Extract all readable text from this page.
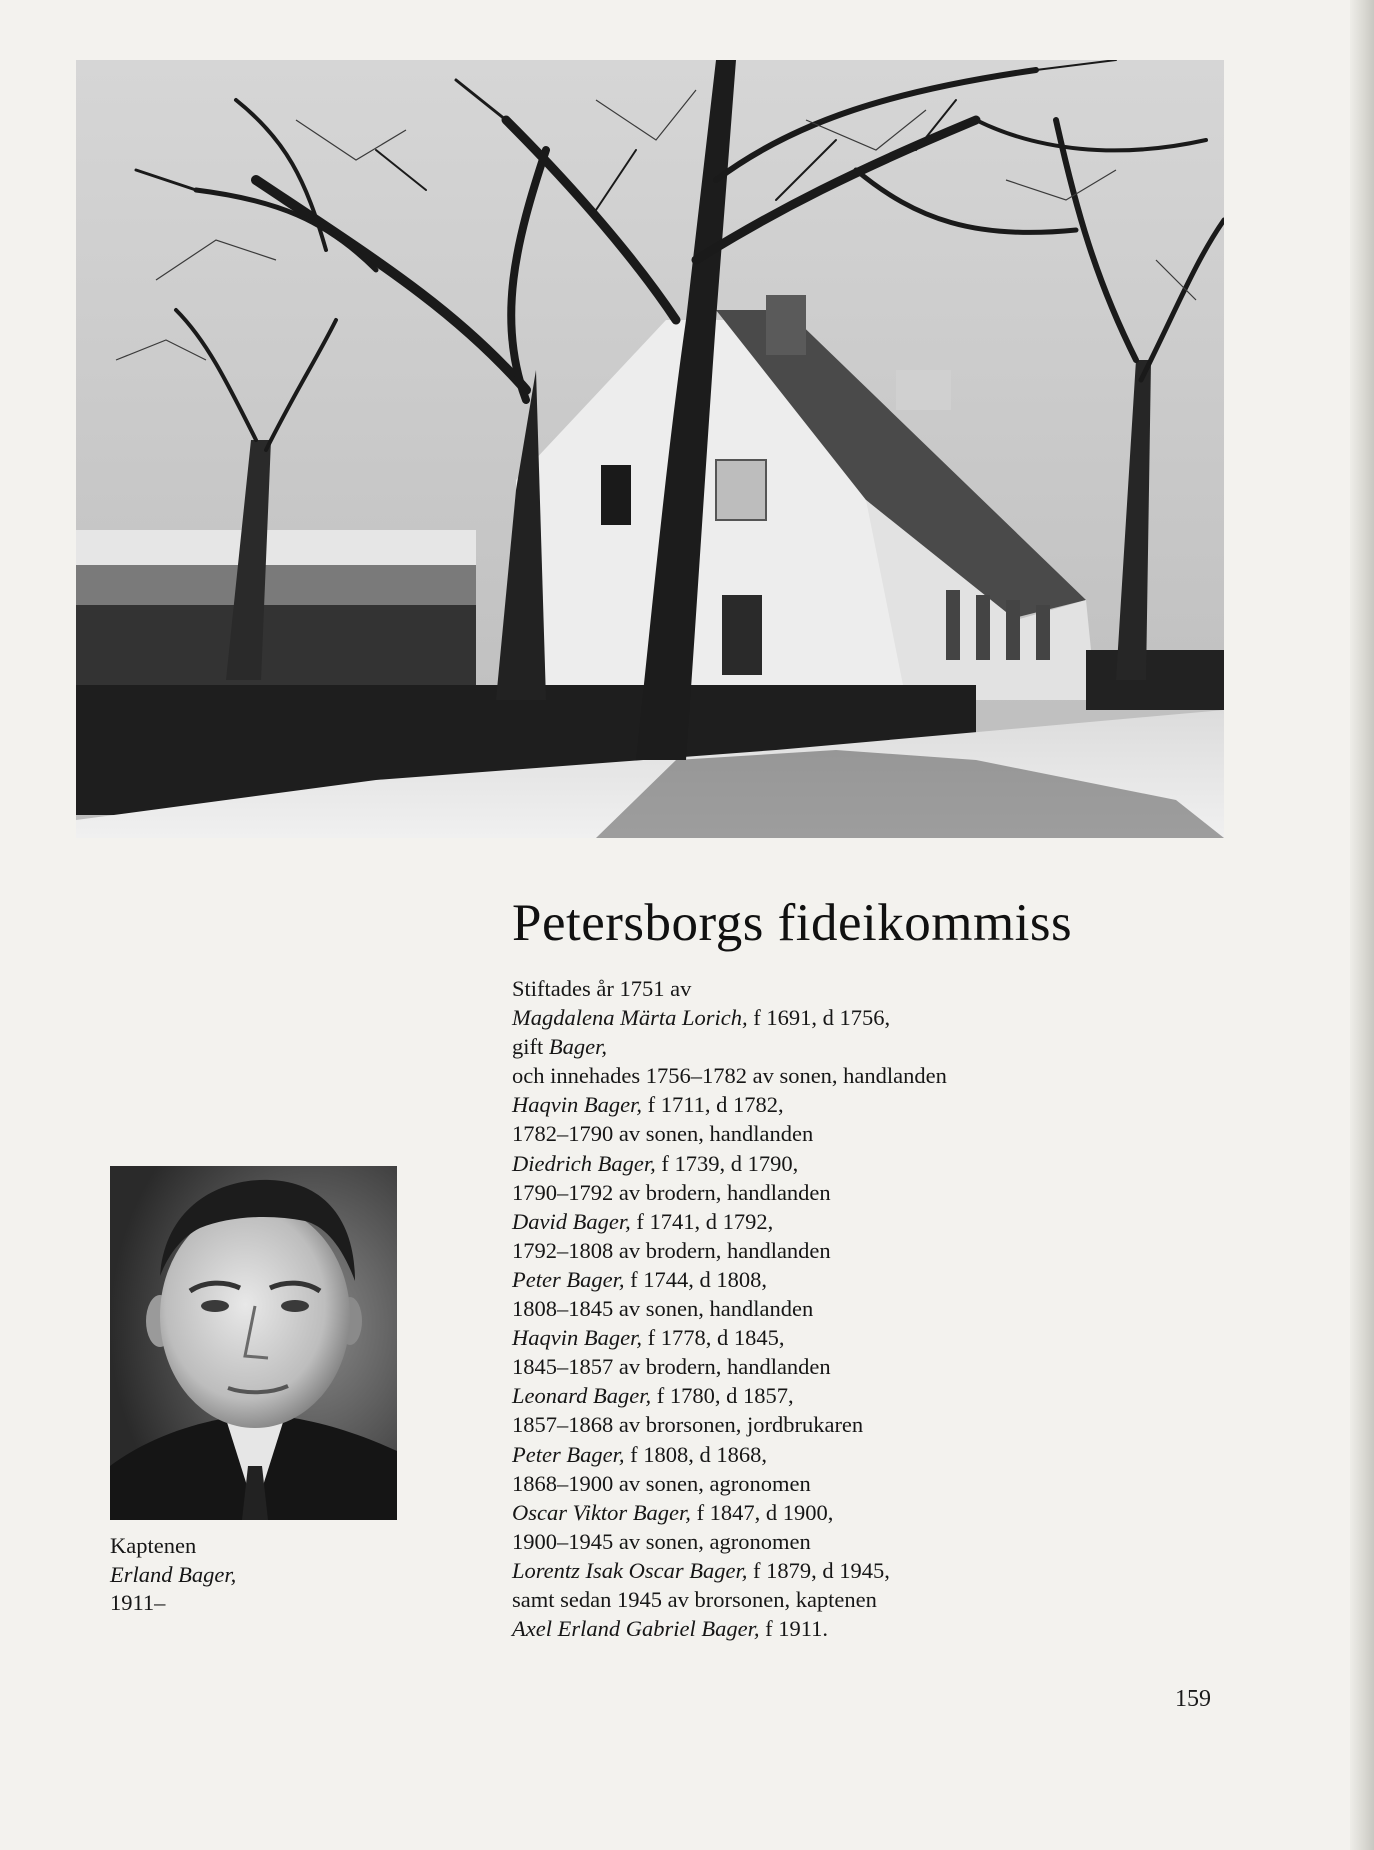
Petersborgs fideikommiss
Stiftades år 1751 av
Magdalena Märta Lorich, f 1691, d 1756,
gift Bager,
och innehades 1756–1782 av sonen, handlanden
Haqvin Bager, f 1711, d 1782,
1782–1790 av sonen, handlanden
Diedrich Bager, f 1739, d 1790,
1790–1792 av brodern, handlanden
David Bager, f 1741, d 1792,
1792–1808 av brodern, handlanden
Peter Bager, f 1744, d 1808,
1808–1845 av sonen, handlanden
Haqvin Bager, f 1778, d 1845,
1845–1857 av brodern, handlanden
Leonard Bager, f 1780, d 1857,
1857–1868 av brorsonen, jordbrukaren
Peter Bager, f 1808, d 1868,
1868–1900 av sonen, agronomen
Oscar Viktor Bager, f 1847, d 1900,
1900–1945 av sonen, agronomen
Lorentz Isak Oscar Bager, f 1879, d 1945,
samt sedan 1945 av brorsonen, kaptenen
Axel Erland Gabriel Bager, f 1911.
Kaptenen
Erland Bager,
1911–
159
